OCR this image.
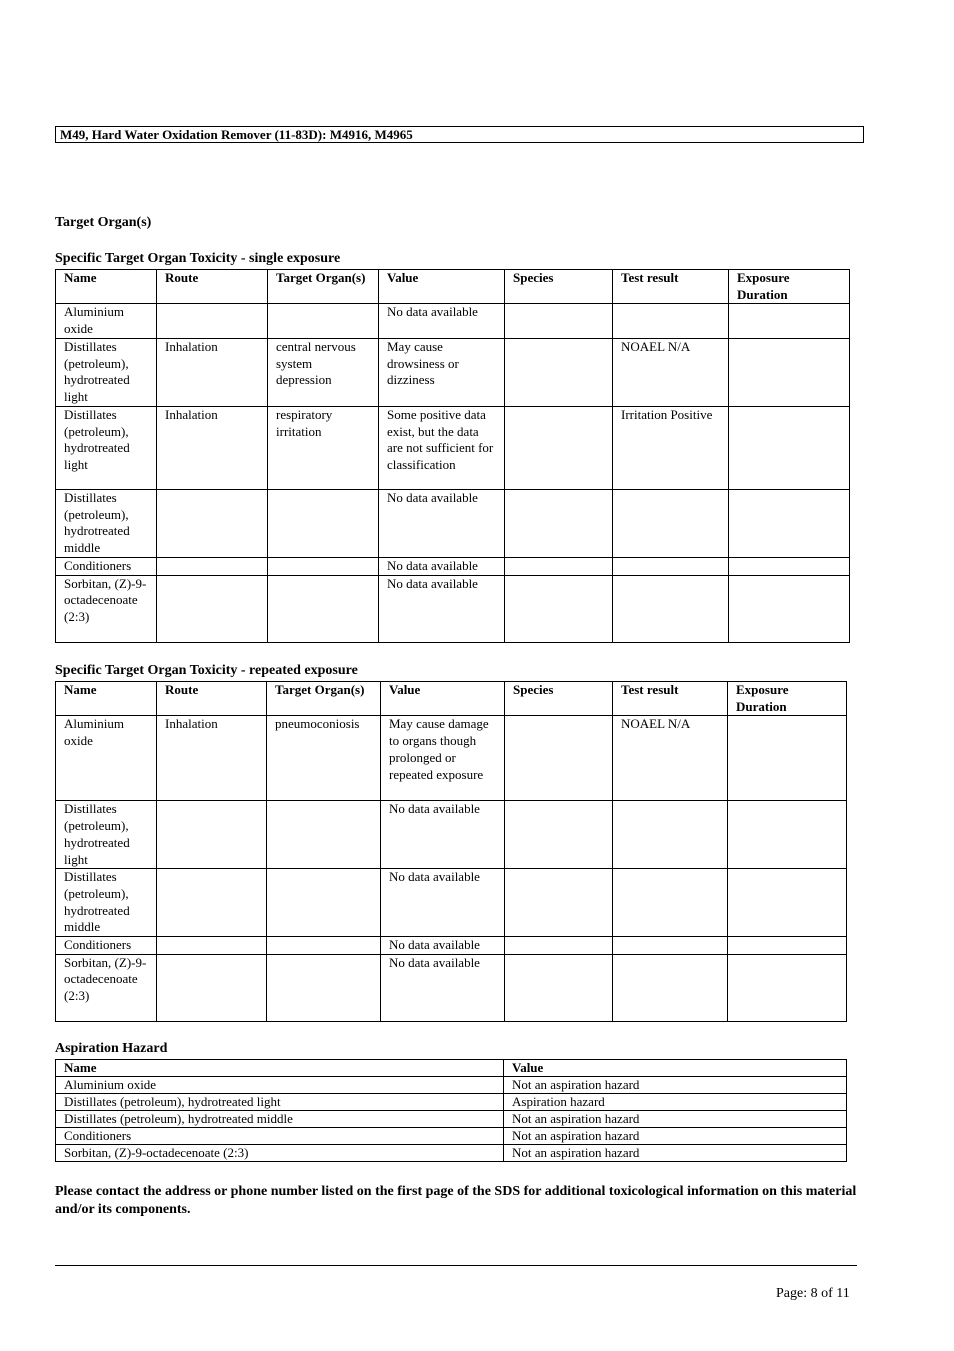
M49, Hard Water Oxidation Remover (11-83D): M4916, M4965
Target Organ(s)
Specific Target Organ Toxicity - single exposure
Name	Route	Target Organ(s)	Value	Species	Test result	Exposure Duration
Aluminium oxide			No data available			
Distillates (petroleum), hydrotreated light	Inhalation	central nervous system depression	May cause drowsiness or dizziness		NOAEL N/A	
Distillates (petroleum), hydrotreated light	Inhalation	respiratory irritation	Some positive data exist, but the data are not sufficient for classification		Irritation Positive	
Distillates (petroleum), hydrotreated middle			No data available			
Conditioners			No data available			
Sorbitan, (Z)-9-octadecenoate (2:3)			No data available			
Specific Target Organ Toxicity - repeated exposure
Name	Route	Target Organ(s)	Value	Species	Test result	Exposure Duration
Aluminium oxide	Inhalation	pneumoconiosis	May cause damage to organs though prolonged or repeated exposure		NOAEL N/A	
Distillates (petroleum), hydrotreated light			No data available			
Distillates (petroleum), hydrotreated middle			No data available			
Conditioners			No data available			
Sorbitan, (Z)-9-octadecenoate (2:3)			No data available			
Aspiration Hazard
Name	Value
Aluminium oxide	Not an aspiration hazard
Distillates (petroleum), hydrotreated light	Aspiration hazard
Distillates (petroleum), hydrotreated middle	Not an aspiration hazard
Conditioners	Not an aspiration hazard
Sorbitan, (Z)-9-octadecenoate (2:3)	Not an aspiration hazard
Please contact the address or phone number listed on the first page of the SDS for additional toxicological information on this material and/or its components.
Page: 8 of 11
